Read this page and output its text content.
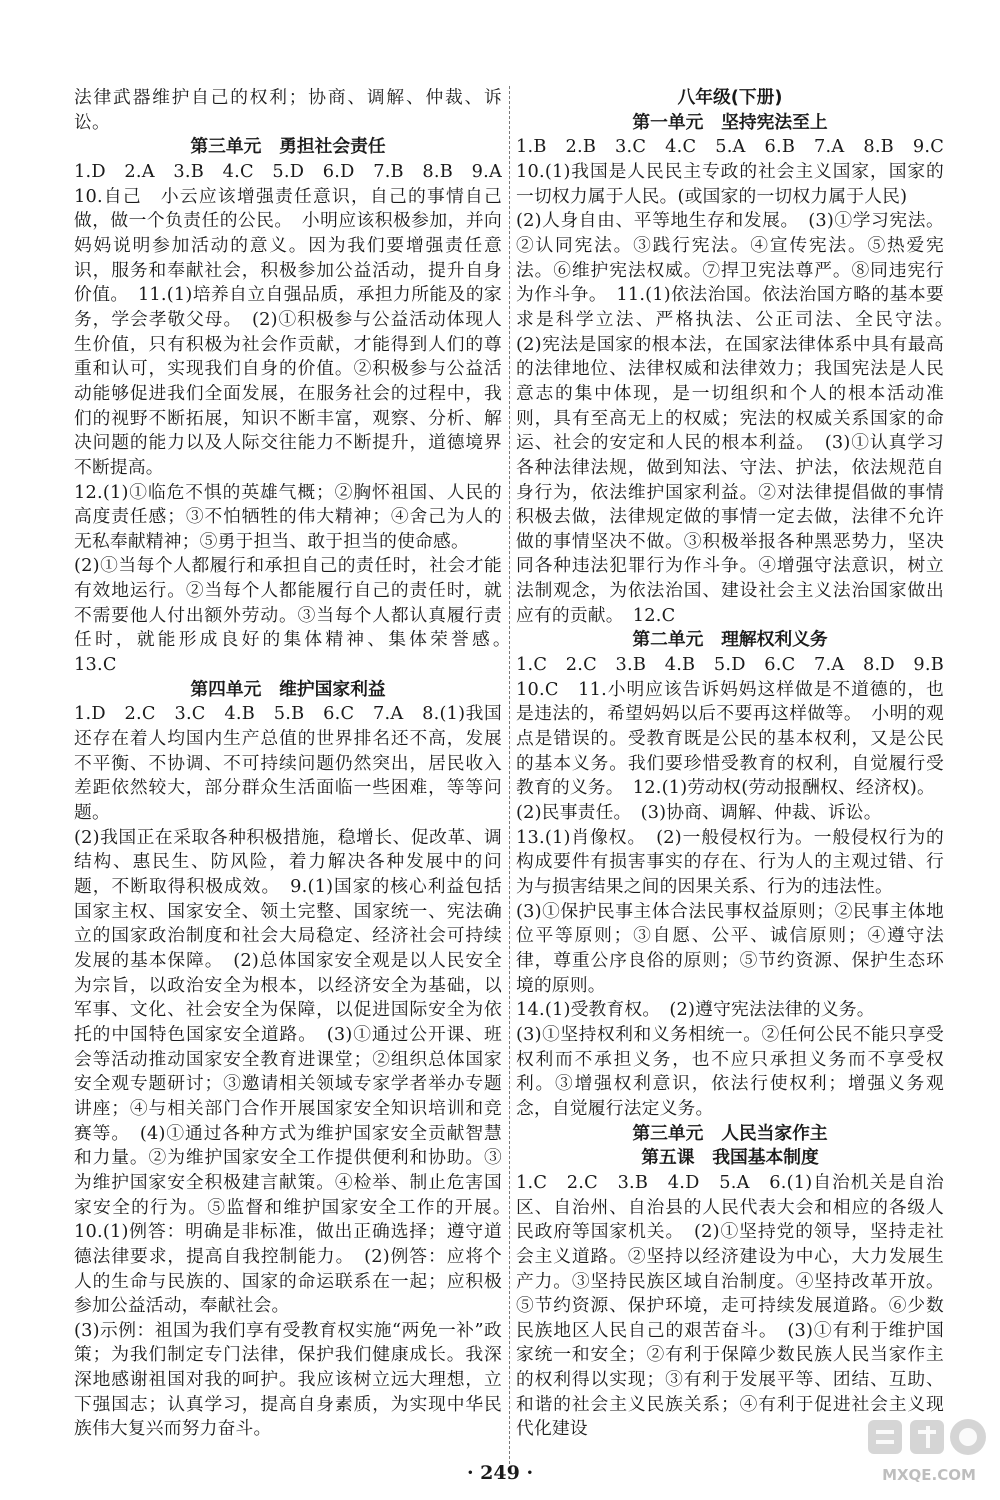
法律武器维护自己的权利；协商、调解、仲裁、诉讼。

第三单元　勇担社会责任

1.D　2.A　3.B　4.C　5.D　6.D　7.B　8.B　9.A　10.自己　小云应该增强责任意识，自己的事情自己做，做一个负责任的公民。　小明应该积极参加，并向妈妈说明参加活动的意义。因为我们要增强责任意识，服务和奉献社会，积极参加公益活动，提升自身价值。　11.(1)培养自立自强品质，承担力所能及的家务，学会孝敬父母。　(2)①积极参与公益活动体现人生价值，只有积极为社会作贡献，才能得到人们的尊重和认可，实现我们自身的价值。②积极参与公益活动能够促进我们全面发展，在服务社会的过程中，我们的视野不断拓展，知识不断丰富，观察、分析、解决问题的能力以及人际交往能力不断提升，道德境界不断提高。

12.(1)①临危不惧的英雄气概；②胸怀祖国、人民的高度责任感；③不怕牺牲的伟大精神；④舍己为人的无私奉献精神；⑤勇于担当、敢于担当的使命感。

(2)①当每个人都履行和承担自己的责任时，社会才能有效地运行。②当每个人都能履行自己的责任时，就不需要他人付出额外劳动。③当每个人都认真履行责任时，就能形成良好的集体精神、集体荣誉感。　13.C

第四单元　维护国家利益

1.D　2.C　3.C　4.B　5.B　6.C　7.A　8.(1)我国还存在着人均国内生产总值的世界排名还不高，发展不平衡、不协调、不可持续问题仍然突出，居民收入差距依然较大，部分群众生活面临一些困难，等等问题。

(2)我国正在采取各种积极措施，稳增长、促改革、调结构、惠民生、防风险，着力解决各种发展中的问题，不断取得积极成效。　9.(1)国家的核心利益包括国家主权、国家安全、领土完整、国家统一、宪法确立的国家政治制度和社会大局稳定、经济社会可持续发展的基本保障。　(2)总体国家安全观是以人民安全为宗旨，以政治安全为根本，以经济安全为基础，以军事、文化、社会安全为保障，以促进国际安全为依托的中国特色国家安全道路。　(3)①通过公开课、班会等活动推动国家安全教育进课堂；②组织总体国家安全观专题研讨；③邀请相关领域专家学者举办专题讲座；④与相关部门合作开展国家安全知识培训和竞赛等。　(4)①通过各种方式为维护国家安全贡献智慧和力量。②为维护国家安全工作提供便利和协助。③为维护国家安全积极建言献策。④检举、制止危害国家安全的行为。⑤监督和维护国家安全工作的开展。　10.(1)例答：明确是非标准，做出正确选择；遵守道德法律要求，提高自我控制能力。　(2)例答：应将个人的生命与民族的、国家的命运联系在一起；应积极参加公益活动，奉献社会。

(3)示例：祖国为我们享有受教育权实施“两免一补”政策；为我们制定专门法律，保护我们健康成长。我深深地感谢祖国对我的呵护。我应该树立远大理想，立下强国志；认真学习，提高自身素质，为实现中华民族伟大复兴而努力奋斗。

八年级(下册)

第一单元　坚持宪法至上

1.B　2.B　3.C　4.C　5.A　6.B　7.A　8.B　9.C　10.(1)我国是人民民主专政的社会主义国家，国家的一切权力属于人民。(或国家的一切权力属于人民)

(2)人身自由、平等地生存和发展。　(3)①学习宪法。②认同宪法。③践行宪法。④宣传宪法。⑤热爱宪法。⑥维护宪法权威。⑦捍卫宪法尊严。⑧同违宪行为作斗争。　11.(1)依法治国。依法治国方略的基本要求是科学立法、严格执法、公正司法、全民守法。　(2)宪法是国家的根本法，在国家法律体系中具有最高的法律地位、法律权威和法律效力；我国宪法是人民意志的集中体现，是一切组织和个人的根本活动准则，具有至高无上的权威；宪法的权威关系国家的命运、社会的安定和人民的根本利益。　(3)①认真学习各种法律法规，做到知法、守法、护法，依法规范自身行为，依法维护国家利益。②对法律提倡做的事情积极去做，法律规定做的事情一定去做，法律不允许做的事情坚决不做。③积极举报各种黑恶势力，坚决同各种违法犯罪行为作斗争。④增强守法意识，树立法制观念，为依法治国、建设社会主义法治国家做出应有的贡献。　12.C

第二单元　理解权利义务

1.C　2.C　3.B　4.B　5.D　6.C　7.A　8.D　9.B　10.C　11.小明应该告诉妈妈这样做是不道德的，也是违法的，希望妈妈以后不要再这样做等。　小明的观点是错误的。受教育既是公民的基本权利，又是公民的基本义务。我们要珍惜受教育的权利，自觉履行受教育的义务。　12.(1)劳动权(劳动报酬权、经济权)。

(2)民事责任。　(3)协商、调解、仲裁、诉讼。

13.(1)肖像权。　(2)一般侵权行为。一般侵权行为的构成要件有损害事实的存在、行为人的主观过错、行为与损害结果之间的因果关系、行为的违法性。

(3)①保护民事主体合法民事权益原则；②民事主体地位平等原则；③自愿、公平、诚信原则；④遵守法律，尊重公序良俗的原则；⑤节约资源、保护生态环境的原则。

14.(1)受教育权。　(2)遵守宪法法律的义务。

(3)①坚持权利和义务相统一。②任何公民不能只享受权利而不承担义务，也不应只承担义务而不享受权利。③增强权利意识，依法行使权利；增强义务观念，自觉履行法定义务。

第三单元　人民当家作主

第五课　我国基本制度

1.C　2.C　3.B　4.D　5.A　6.(1)自治机关是自治区、自治州、自治县的人民代表大会和相应的各级人民政府等国家机关。　(2)①坚持党的领导，坚持走社会主义道路。②坚持以经济建设为中心，大力发展生产力。③坚持民族区域自治制度。④坚持改革开放。⑤节约资源、保护环境，走可持续发展道路。⑥少数民族地区人民自己的艰苦奋斗。　(3)①有利于维护国家统一和安全；②有利于保障少数民族人民当家作主的权利得以实现；③有利于发展平等、团结、互助、和谐的社会主义民族关系；④有利于促进社会主义现代化建设

· 249 ·	MXQE.COM
